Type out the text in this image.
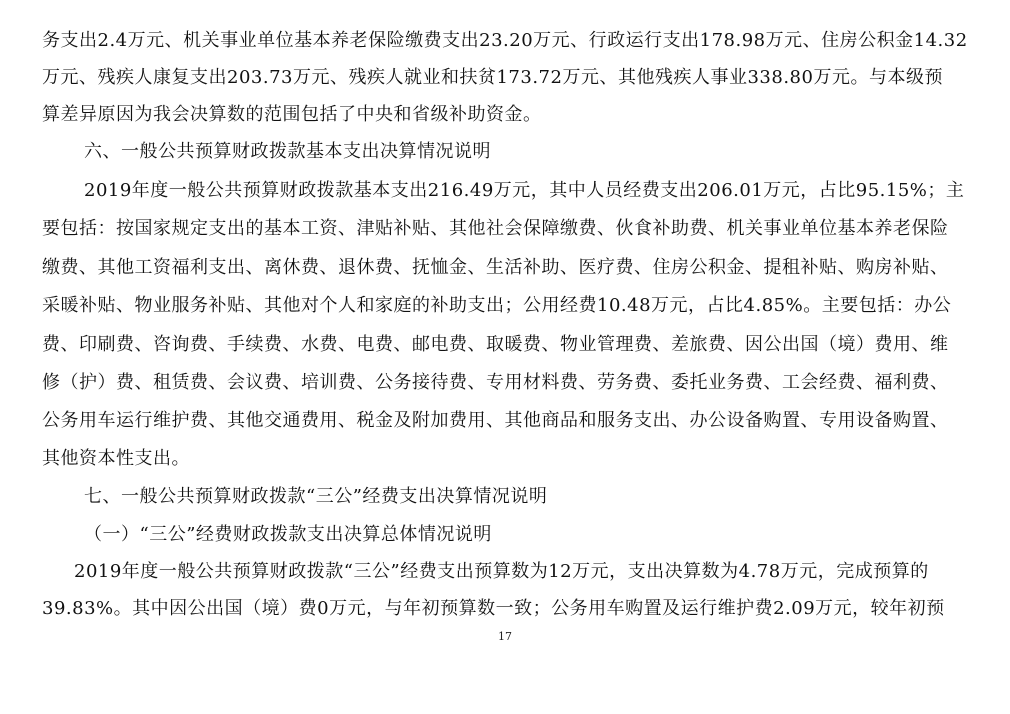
务支出2.4万元、机关事业单位基本养老保险缴费支出23.20万元、行政运行支出178.98万元、住房公积金14.32
万元、残疾人康复支出203.73万元、残疾人就业和扶贫173.72万元、其他残疾人事业338.80万元。与本级预
算差异原因为我会决算数的范围包括了中央和省级补助资金。
六、一般公共预算财政拨款基本支出决算情况说明
2019年度一般公共预算财政拨款基本支出216.49万元，其中人员经费支出206.01万元，占比95.15%；主
要包括：按国家规定支出的基本工资、津贴补贴、其他社会保障缴费、伙食补助费、机关事业单位基本养老保险
缴费、其他工资福利支出、离休费、退休费、抚恤金、生活补助、医疗费、住房公积金、提租补贴、购房补贴、
采暖补贴、物业服务补贴、其他对个人和家庭的补助支出；公用经费10.48万元，占比4.85%。主要包括：办公
费、印刷费、咨询费、手续费、水费、电费、邮电费、取暖费、物业管理费、差旅费、因公出国（境）费用、维
修（护）费、租赁费、会议费、培训费、公务接待费、专用材料费、劳务费、委托业务费、工会经费、福利费、
公务用车运行维护费、其他交通费用、税金及附加费用、其他商品和服务支出、办公设备购置、专用设备购置、
其他资本性支出。
七、一般公共预算财政拨款“三公”经费支出决算情况说明
（一）“三公”经费财政拨款支出决算总体情况说明
2019年度一般公共预算财政拨款“三公”经费支出预算数为12万元，支出决算数为4.78万元，完成预算的
39.83%。其中因公出国（境）费0万元，与年初预算数一致；公务用车购置及运行维护费2.09万元，较年初预
17
